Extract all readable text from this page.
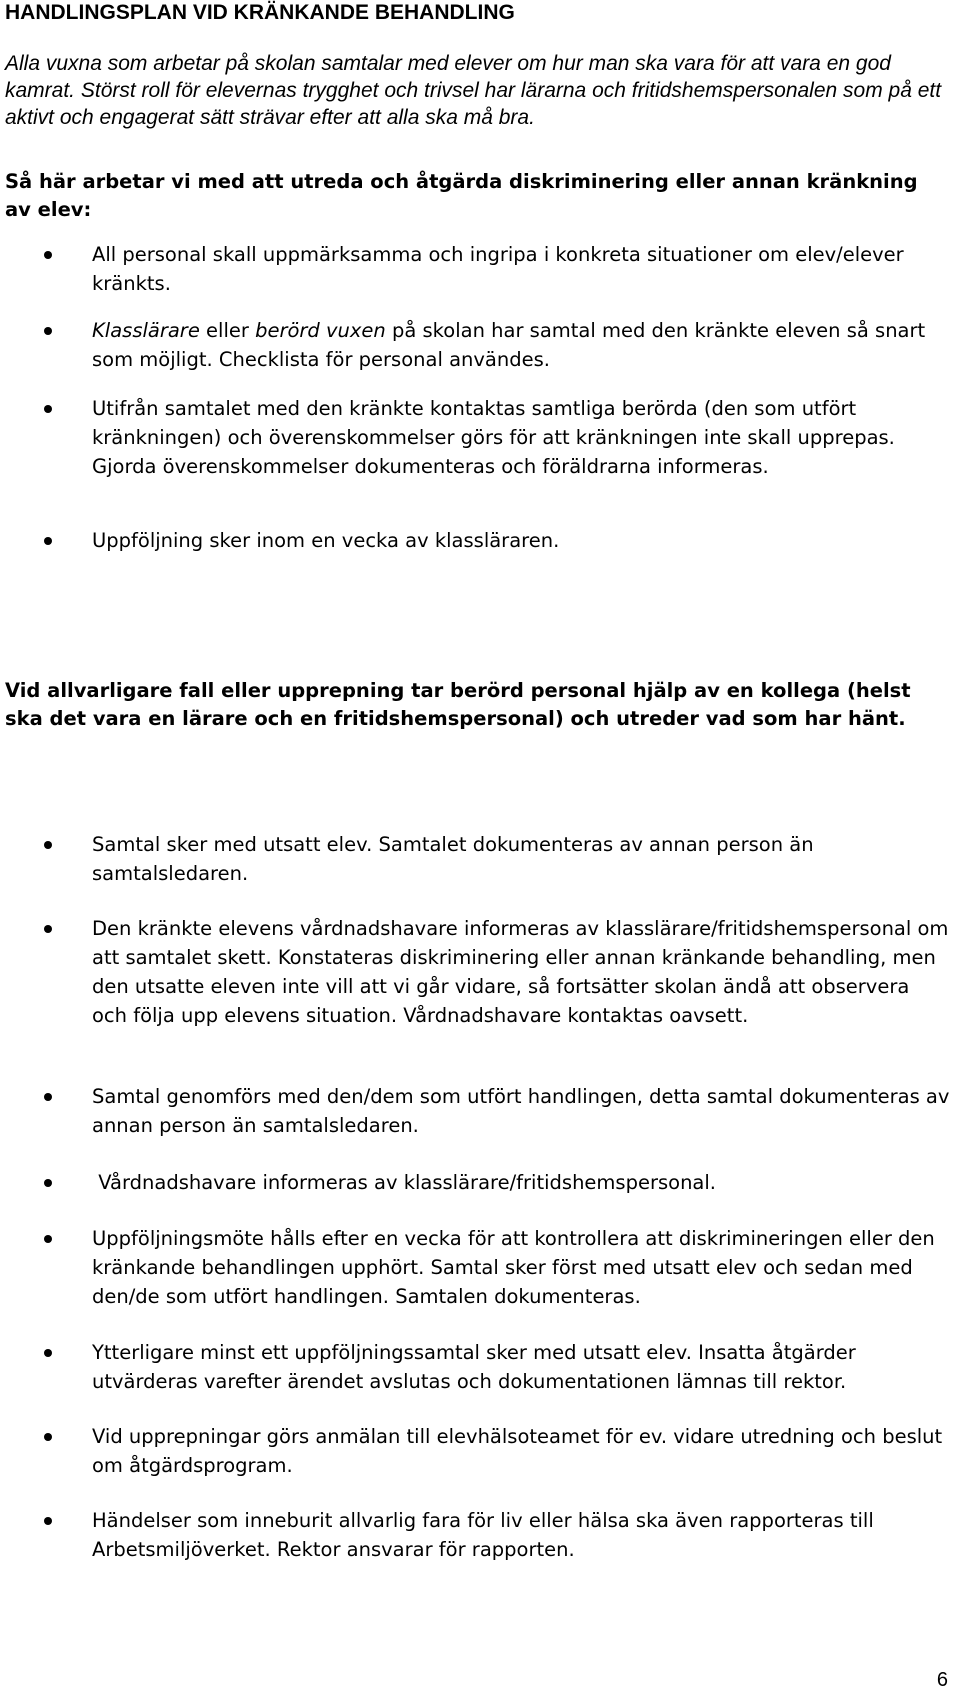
HANDLINGSPLAN VID KRÄNKANDE BEHANDLING

Alla vuxna som arbetar på skolan samtalar med elever om hur man ska vara för att vara en god kamrat. Störst roll för elevernas trygghet och trivsel har lärarna och fritidshemspersonalen som på ett aktivt och engagerat sätt strävar efter att alla ska må bra.

Så här arbetar vi med att utreda och åtgärda diskriminering eller annan kränkning av elev:
All personal skall uppmärksamma och ingripa i konkreta situationer om elev/elever kränkts.
Klasslärare eller berörd vuxen på skolan har samtal med den kränkte eleven så snart som möjligt. Checklista för personal användes.
Utifrån samtalet med den kränkte kontaktas samtliga berörda (den som utfört kränkningen) och överenskommelser görs för att kränkningen inte skall upprepas. Gjorda överenskommelser dokumenteras och föräldrarna informeras.
Uppföljning sker inom en vecka av klassläraren.
Vid allvarligare fall eller upprepning tar berörd personal hjälp av en kollega (helst ska det vara en lärare och en fritidshemspersonal) och utreder vad som har hänt.
Samtal sker med utsatt elev. Samtalet dokumenteras av annan person än samtalsledaren.
Den kränkte elevens vårdnadshavare informeras av klasslärare/fritidshemspersonal om att samtalet skett. Konstateras diskriminering eller annan kränkande behandling, men den utsatte eleven inte vill att vi går vidare, så fortsätter skolan ändå att observera och följa upp elevens situation. Vårdnadshavare kontaktas oavsett.
Samtal genomförs med den/dem som utfört handlingen, detta samtal dokumenteras av annan person än samtalsledaren.
Vårdnadshavare informeras av klasslärare/fritidshemspersonal.
Uppföljningsmöte hålls efter en vecka för att kontrollera att diskrimineringen eller den kränkande behandlingen upphört. Samtal sker först med utsatt elev och sedan med den/de som utfört handlingen. Samtalen dokumenteras.
Ytterligare minst ett uppföljningssamtal sker med utsatt elev. Insatta åtgärder utvärderas varefter ärendet avslutas och dokumentationen lämnas till rektor.
Vid upprepningar görs anmälan till elevhälsoteamet för ev. vidare utredning och beslut om åtgärdsprogram.
Händelser som inneburit allvarlig fara för liv eller hälsa ska även rapporteras till Arbetsmiljöverket. Rektor ansvarar för rapporten.
6
